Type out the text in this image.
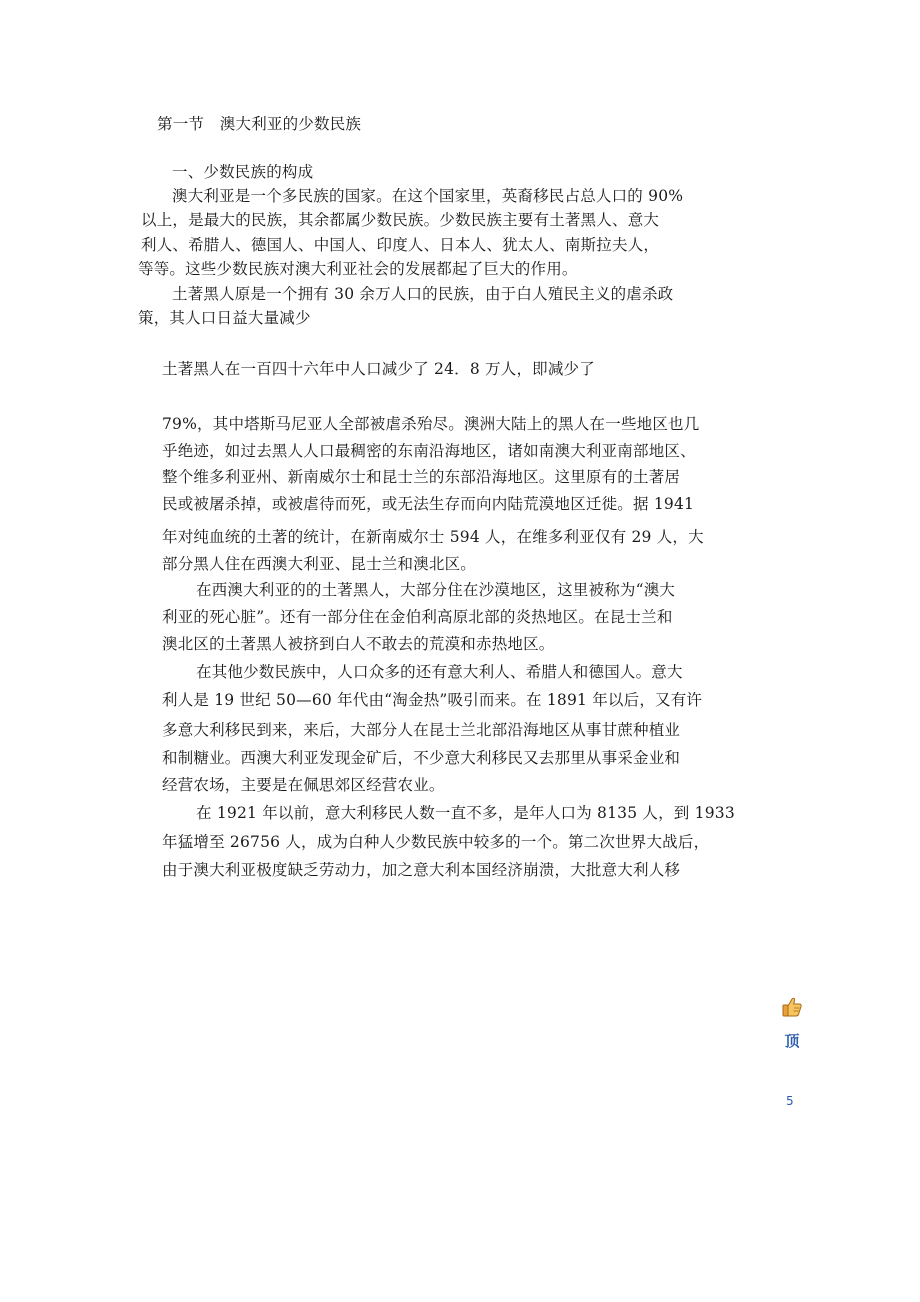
第一节　澳大利亚的少数民族
一、少数民族的构成
澳大利亚是一个多民族的国家。在这个国家里，英裔移民占总人口的 90%
以上，是最大的民族，其余都属少数民族。少数民族主要有土著黑人、意大
利人、希腊人、德国人、中国人、印度人、日本人、犹太人、南斯拉夫人，
等等。这些少数民族对澳大利亚社会的发展都起了巨大的作用。
土著黑人原是一个拥有 30 余万人口的民族，由于白人殖民主义的虐杀政
策，其人口日益大量减少
土著黑人在一百四十六年中人口减少了 24．8 万人，即减少了
79%，其中塔斯马尼亚人全部被虐杀殆尽。澳洲大陆上的黑人在一些地区也几
乎绝迹，如过去黑人人口最稠密的东南沿海地区，诸如南澳大利亚南部地区、
整个维多利亚州、新南威尔士和昆士兰的东部沿海地区。这里原有的土著居
民或被屠杀掉，或被虐待而死，或无法生存而向内陆荒漠地区迁徙。据 1941
年对纯血统的土著的统计，在新南威尔士 594 人，在维多利亚仅有 29 人，大
部分黑人住在西澳大利亚、昆士兰和澳北区。
在西澳大利亚的的土著黑人，大部分住在沙漠地区，这里被称为“澳大
利亚的死心脏”。还有一部分住在金伯利高原北部的炎热地区。在昆士兰和
澳北区的土著黑人被挤到白人不敢去的荒漠和赤热地区。
在其他少数民族中，人口众多的还有意大利人、希腊人和德国人。意大
利人是 19 世纪 50—60 年代由“淘金热”吸引而来。在 1891 年以后，又有许
多意大利移民到来，来后，大部分人在昆士兰北部沿海地区从事甘蔗种植业
和制糖业。西澳大利亚发现金矿后，不少意大利移民又去那里从事采金业和
经营农场，主要是在佩思郊区经营农业。
在 1921 年以前，意大利移民人数一直不多，是年人口为 8135 人，到 1933
年猛增至 26756 人，成为白种人少数民族中较多的一个。第二次世界大战后，
由于澳大利亚极度缺乏劳动力，加之意大利本国经济崩溃，大批意大利人移
顶
5
